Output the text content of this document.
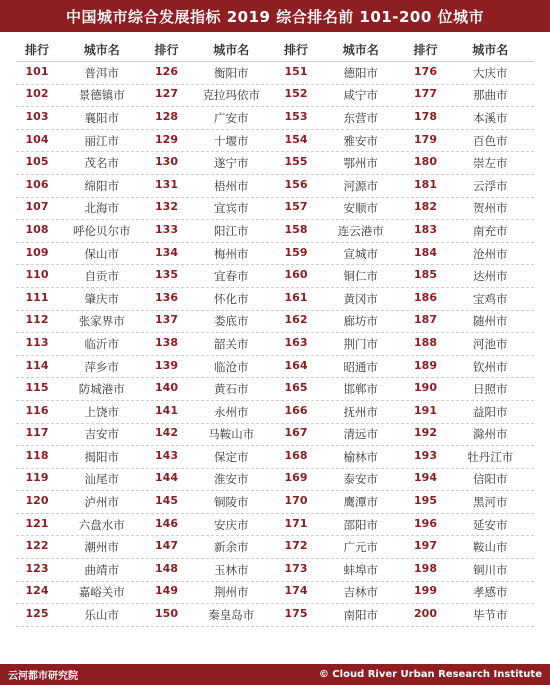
中国城市综合发展指标 2019 综合排名前 101-200 位城市
排行	城市名	排行	城市名	排行	城市名	排行	城市名
101	普洱市	126	衡阳市	151	德阳市	176	大庆市
102	景德镇市	127	克拉玛依市	152	咸宁市	177	那曲市
103	襄阳市	128	广安市	153	东营市	178	本溪市
104	丽江市	129	十堰市	154	雅安市	179	百色市
105	茂名市	130	遂宁市	155	鄂州市	180	崇左市
106	绵阳市	131	梧州市	156	河源市	181	云浮市
107	北海市	132	宜宾市	157	安顺市	182	贺州市
108	呼伦贝尔市	133	阳江市	158	连云港市	183	南充市
109	保山市	134	梅州市	159	宣城市	184	沧州市
110	自贡市	135	宜春市	160	铜仁市	185	达州市
111	肇庆市	136	怀化市	161	黄冈市	186	宝鸡市
112	张家界市	137	娄底市	162	廊坊市	187	随州市
113	临沂市	138	韶关市	163	荆门市	188	河池市
114	萍乡市	139	临沧市	164	昭通市	189	钦州市
115	防城港市	140	黄石市	165	邯郸市	190	日照市
116	上饶市	141	永州市	166	抚州市	191	益阳市
117	吉安市	142	马鞍山市	167	清远市	192	滁州市
118	揭阳市	143	保定市	168	榆林市	193	牡丹江市
119	汕尾市	144	淮安市	169	泰安市	194	信阳市
120	泸州市	145	铜陵市	170	鹰潭市	195	黑河市
121	六盘水市	146	安庆市	171	邵阳市	196	延安市
122	潮州市	147	新余市	172	广元市	197	鞍山市
123	曲靖市	148	玉林市	173	蚌埠市	198	铜川市
124	嘉峪关市	149	荆州市	174	吉林市	199	孝感市
125	乐山市	150	秦皇岛市	175	南阳市	200	毕节市
云河都市研究院	© Cloud River Urban Research Institute
